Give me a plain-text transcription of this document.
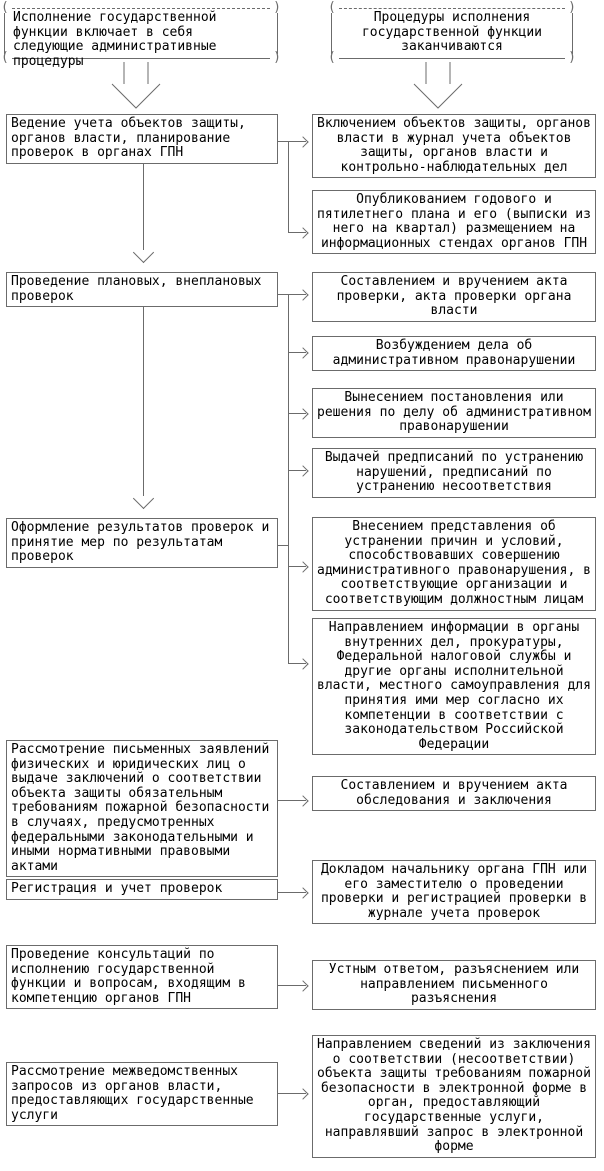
( )
( Исполнение государственной функции включает в себя следующие административные процедуры
)
( )
( Процедуры исполнения государственной функции заканчиваются
)
Ведение учета объектов защиты, органов власти, планирование проверок в органах ГПН
Проведение плановых, внеплановых проверок
Оформление результатов проверок и принятие мер по результатам проверок
Рассмотрение письменных заявлений физических и юридических лиц о выдаче заключений о соответствии объекта защиты обязательным требованиям пожарной безопасности в случаях, предусмотренных федеральными законодательными и иными нормативными правовыми актами
Регистрация и учет проверок
Проведение консультаций по исполнению государственной функции и вопросам, входящим в компетенцию органов ГПН
Рассмотрение межведомственных запросов из органов власти, предоставляющих государственные услуги
Включением объектов защиты, органов власти в журнал учета объектов защиты, органов власти и контрольно-наблюдательных дел
Опубликованием годового и пятилетнего плана и его (выписки из него на квартал) размещением на информационных стендах органов ГПН
Составлением и вручением акта проверки, акта проверки органа власти
Возбуждением дела об административном правонарушении
Вынесением постановления или решения по делу об административном правонарушении
Выдачей предписаний по устранению нарушений, предписаний по устранению несоответствия
Внесением представления об устранении причин и условий, способствовавших совершению административного правонарушения, в соответствующие организации и соответствующим должностным лицам
Направлением информации в органы внутренних дел, прокуратуры, Федеральной налоговой службы и другие органы исполнительной власти, местного самоуправления для принятия ими мер согласно их компетенции в соответствии с законодательством Российской Федерации
Составлением и вручением акта обследования и заключения
Докладом начальнику органа ГПН или его заместителю о проведении проверки и регистрацией проверки в журнале учета проверок
Устным ответом, разъяснением или направлением письменного разъяснения
Направлением сведений из заключения о соответствии (несоответствии) объекта защиты требованиям пожарной безопасности в электронной форме в орган, предоставляющий государственные услуги, направлявший запрос в электронной форме
